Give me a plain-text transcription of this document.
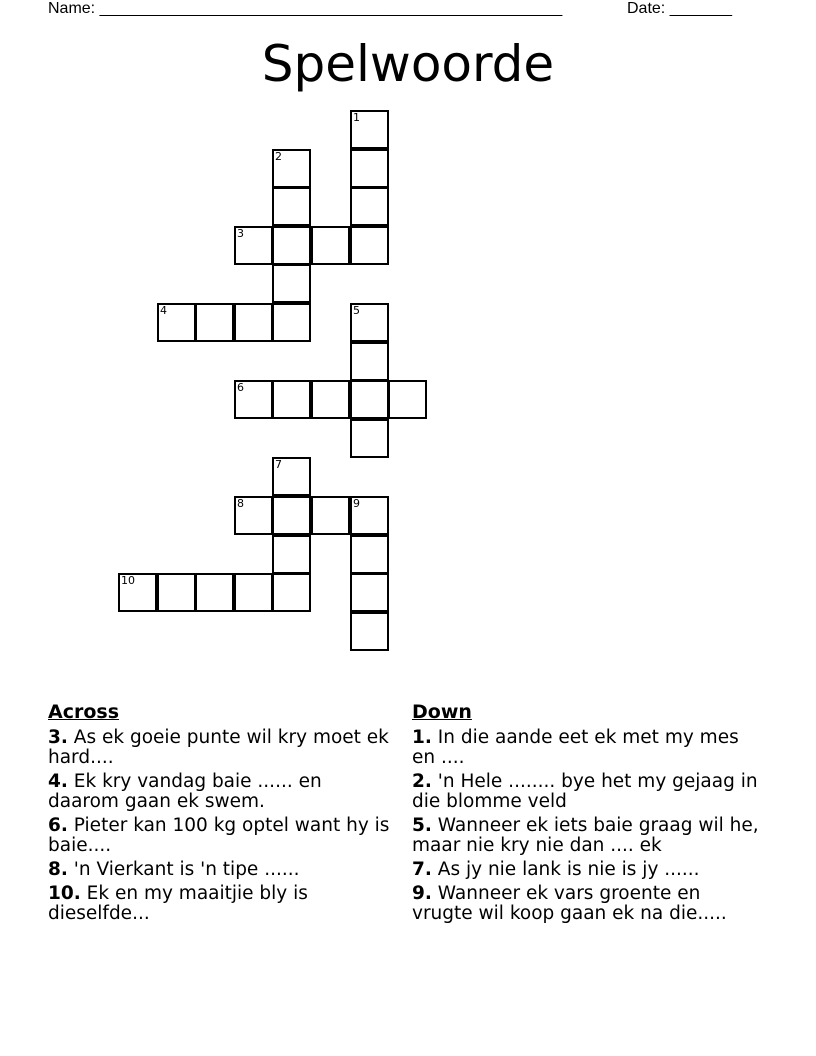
Name: ____________________________________________________	Date: _______
Spelwoorde
1
2
3
4	5
6
7
8	9
10
Across
3. As ek goeie punte wil kry moet ek hard....
4. Ek kry vandag baie ...... en daarom gaan ek swem.
6. Pieter kan 100 kg optel want hy is baie....
8. 'n Vierkant is 'n tipe ......
10. Ek en my maaitjie bly is dieselfde...
Down
1. In die aande eet ek met my mes en ....
2. 'n Hele ........ bye het my gejaag in die blomme veld
5. Wanneer ek iets baie graag wil he, maar nie kry nie dan .... ek
7. As jy nie lank is nie is jy ......
9. Wanneer ek vars groente en vrugte wil koop gaan ek na die.....
